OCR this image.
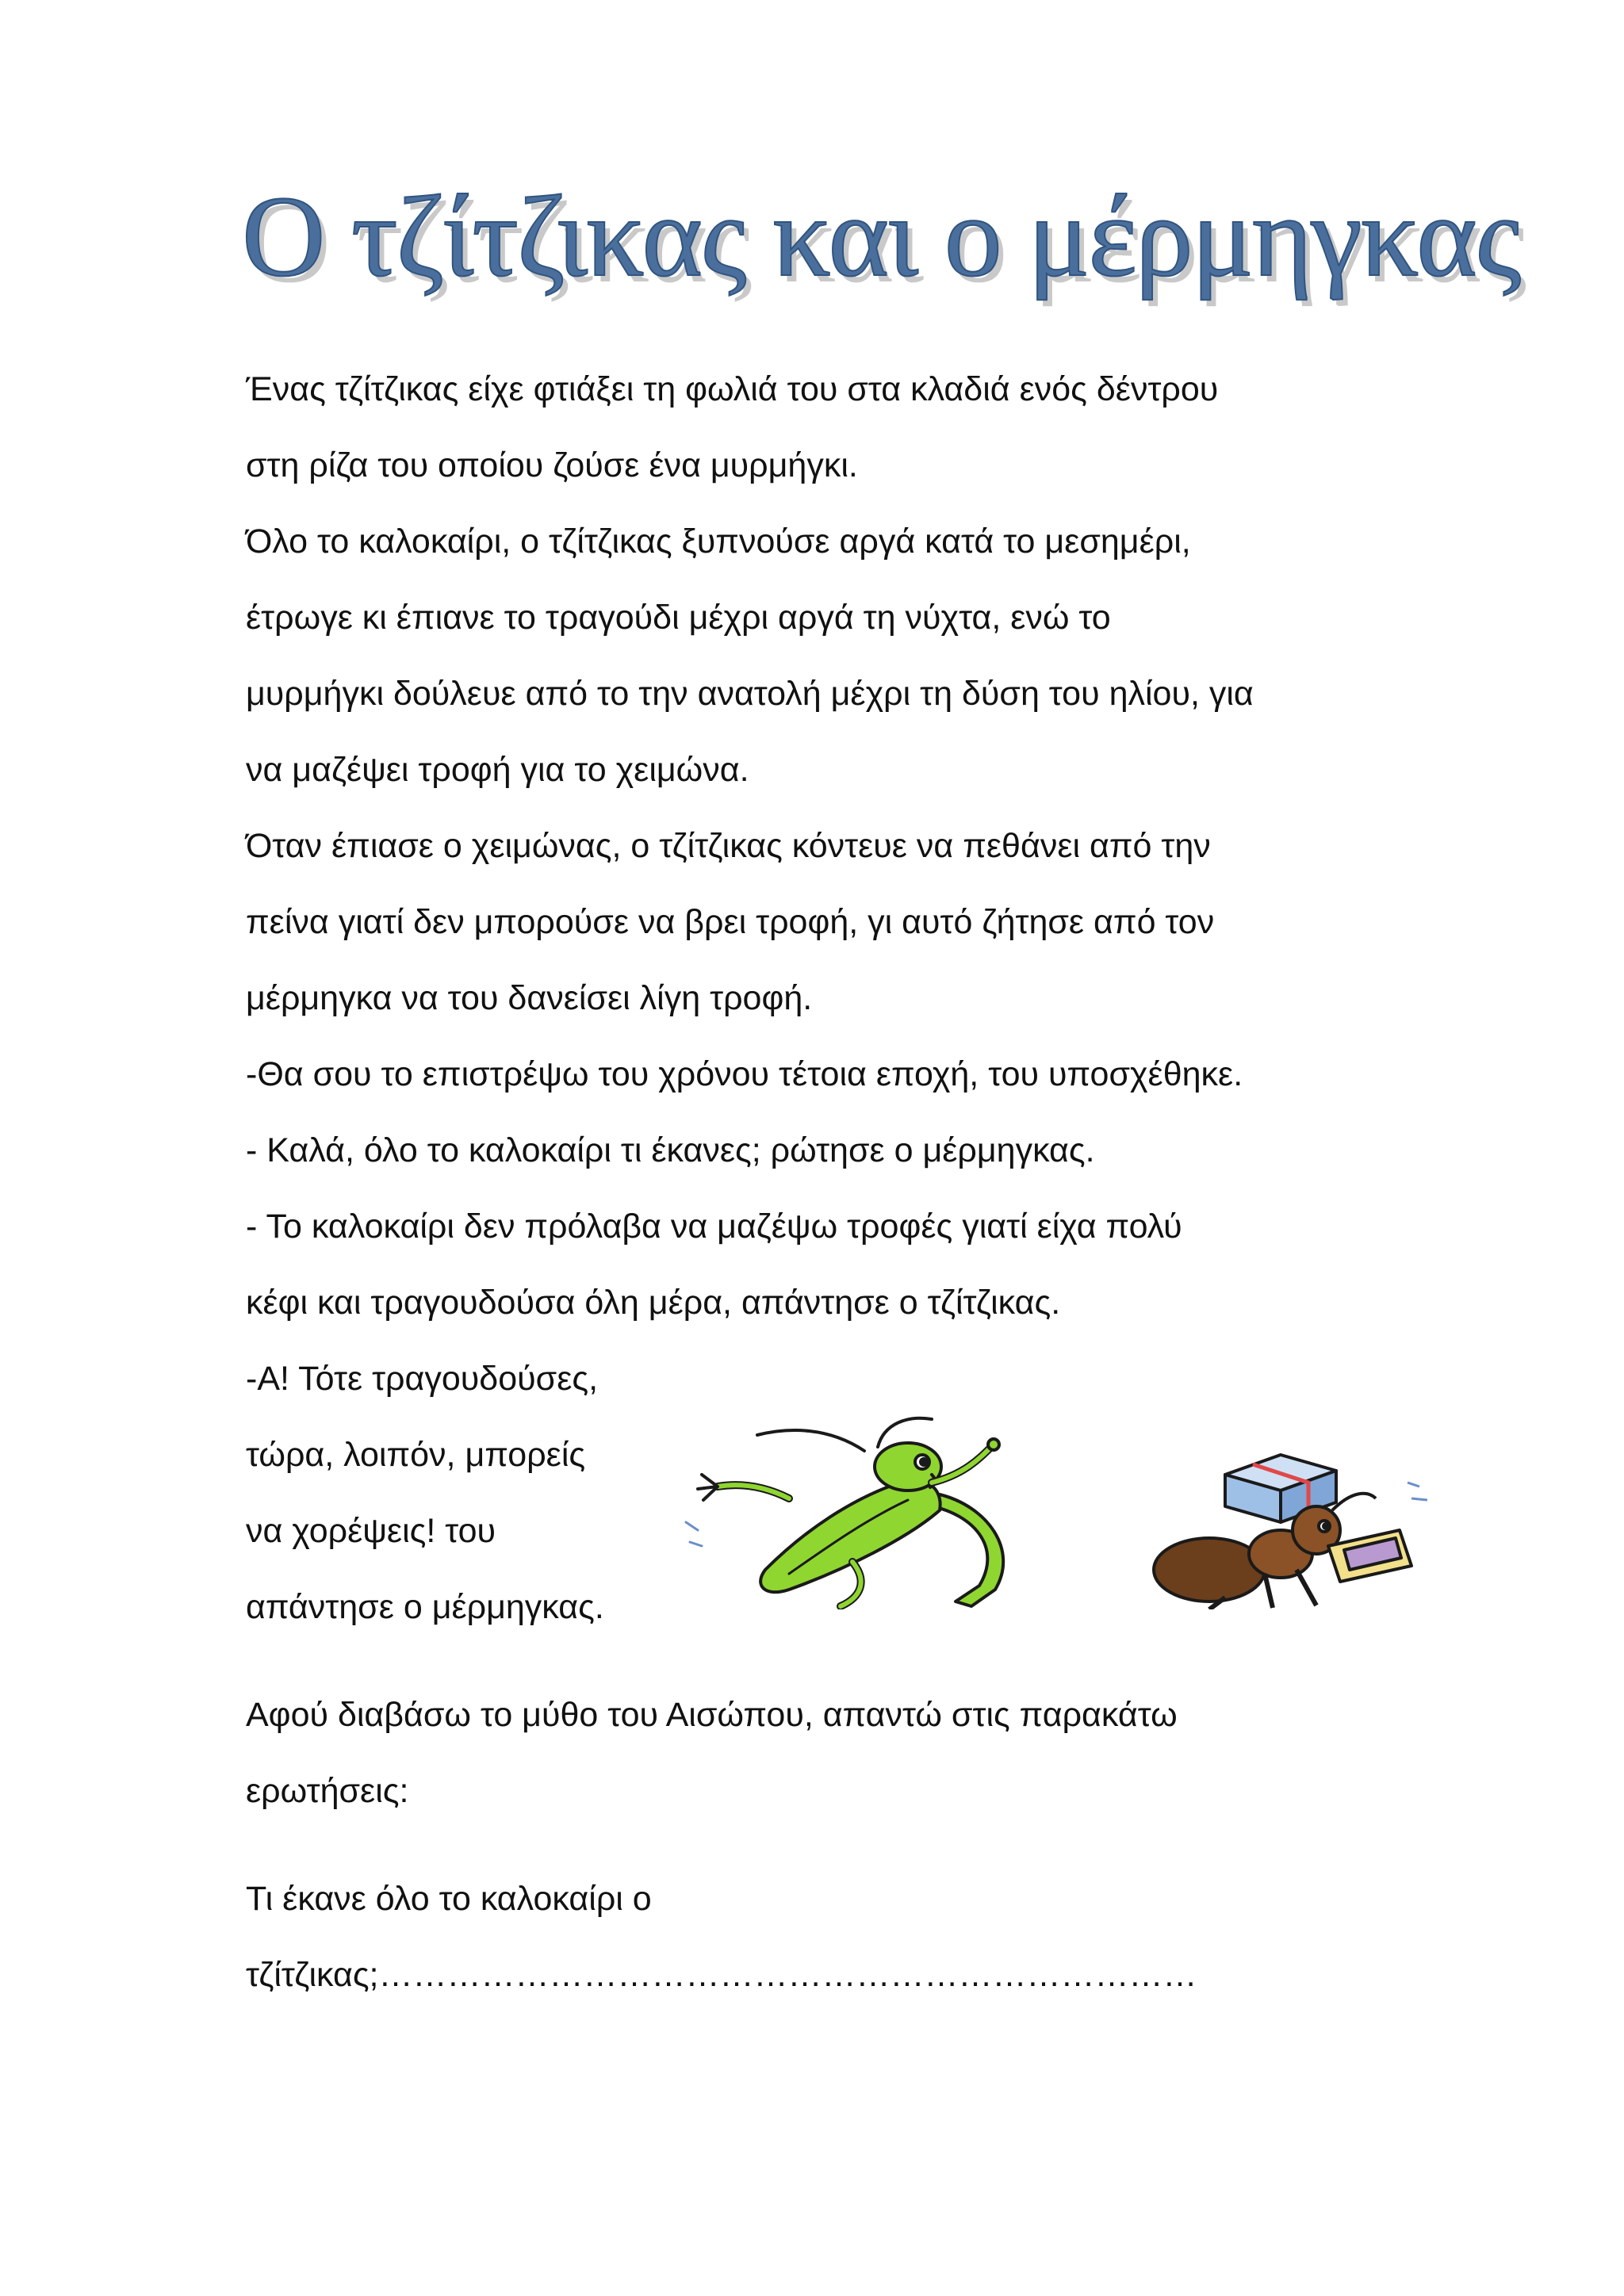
Ο τζίτζικας και ο μέρμηγκας

Ένας τζίτζικας είχε φτιάξει τη φωλιά του στα κλαδιά ενός δέντρου

στη ρίζα του οποίου ζούσε ένα μυρμήγκι.

Όλο το καλοκαίρι, ο τζίτζικας ξυπνούσε αργά κατά το μεσημέρι,

έτρωγε κι έπιανε το τραγούδι μέχρι αργά τη νύχτα, ενώ το

μυρμήγκι δούλευε από το την ανατολή μέχρι τη δύση του ηλίου, για

να μαζέψει τροφή για το χειμώνα.

Όταν έπιασε ο χειμώνας, ο τζίτζικας κόντευε να πεθάνει από την

πείνα γιατί δεν μπορούσε να βρει τροφή, γι αυτό ζήτησε από τον

μέρμηγκα να του δανείσει λίγη τροφή.

-Θα σου το επιστρέψω του χρόνου τέτοια εποχή, του υποσχέθηκε.

- Καλά, όλο το καλοκαίρι τι έκανες; ρώτησε ο μέρμηγκας.

- Το καλοκαίρι δεν πρόλαβα να μαζέψω τροφές γιατί είχα πολύ

κέφι και τραγουδούσα όλη μέρα, απάντησε ο τζίτζικας.

-Α! Τότε τραγουδούσες,

τώρα, λοιπόν, μπορείς

να χορέψεις! του

απάντησε ο μέρμηγκας.

Αφού διαβάσω το μύθο του Αισώπου, απαντώ στις παρακάτω

ερωτήσεις:

Τι έκανε όλο το καλοκαίρι ο

τζίτζικας;………………………………………………………………
